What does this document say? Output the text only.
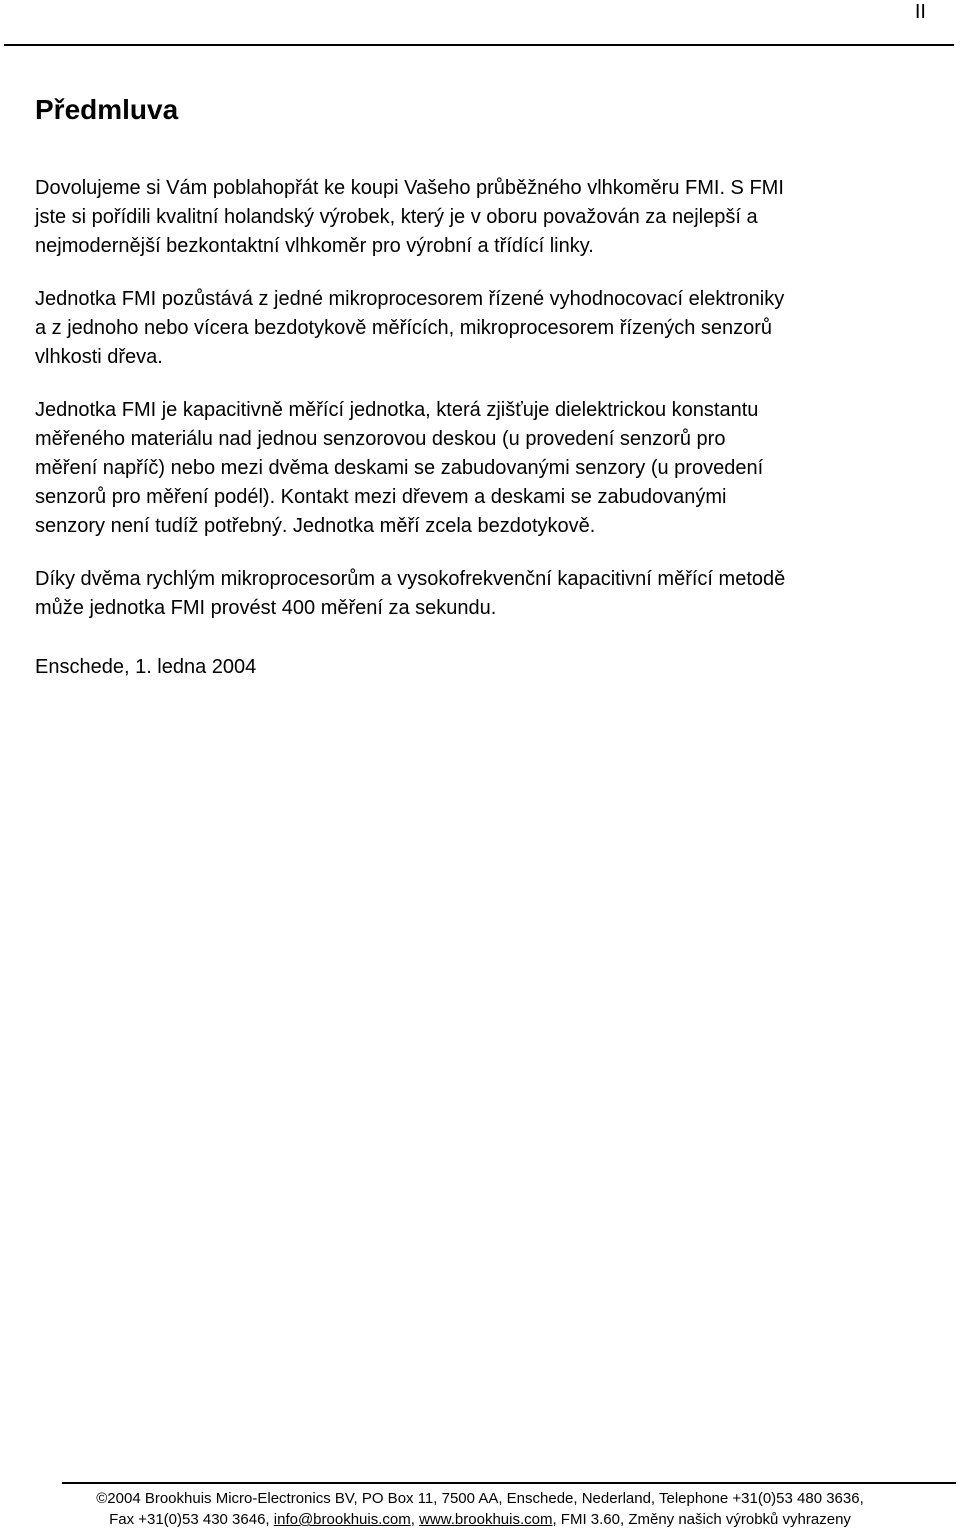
II
Předmluva

Dovolujeme si Vám poblahopřát ke koupi Vašeho průběžného vlhkoměru FMI. S FMI
jste si pořídili kvalitní holandský výrobek, který je v oboru považován za nejlepší a
nejmodernější bezkontaktní vlhkoměr pro výrobní a třídící linky.

Jednotka FMI pozůstává z jedné mikroprocesorem řízené vyhodnocovací elektroniky
a z jednoho nebo vícera bezdotykově měřících, mikroprocesorem řízených senzorů
vlhkosti dřeva.

Jednotka FMI je kapacitivně měřící jednotka, která zjišťuje dielektrickou konstantu
měřeného materiálu nad jednou senzorovou deskou (u provedení senzorů pro
měření napříč) nebo mezi dvěma deskami se zabudovanými senzory (u provedení
senzorů pro měření podél). Kontakt mezi dřevem a deskami se zabudovanými
senzory není tudíž potřebný. Jednotka měří zcela bezdotykově.

Díky dvěma rychlým mikroprocesorům a vysokofrekvenční kapacitivní měřící metodě
může jednotka FMI provést 400 měření za sekundu.

Enschede, 1. ledna 2004

©2004 Brookhuis Micro-Electronics BV, PO Box 11, 7500 AA, Enschede, Nederland, Telephone +31(0)53 480 3636,
Fax +31(0)53 430 3646, info@brookhuis.com, www.brookhuis.com, FMI 3.60, Změny našich výrobků vyhrazeny
